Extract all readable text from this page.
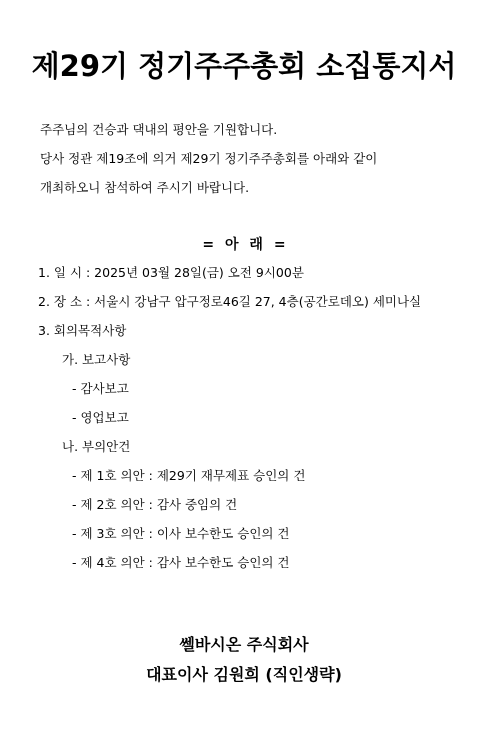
제29기 정기주주총회 소집통지서
주주님의 건승과 댁내의 평안을 기원합니다.
당사 정관 제19조에 의거 제29기 정기주주총회를 아래와 같이
개최하오니 참석하여 주시기 바랍니다.
= 아 래 =
1. 일 시 : 2025년 03월 28일(금) 오전 9시00분
2. 장 소 : 서울시 강남구 압구정로46길 27, 4층(공간로데오) 세미나실
3. 회의목적사항
가. 보고사항
- 감사보고
- 영업보고
나. 부의안건
- 제 1호 의안 : 제29기 재무제표 승인의 건
- 제 2호 의안 : 감사 중임의 건
- 제 3호 의안 : 이사 보수한도 승인의 건
- 제 4호 의안 : 감사 보수한도 승인의 건
쎌바시온 주식회사
대표이사 김원희 (직인생략)
